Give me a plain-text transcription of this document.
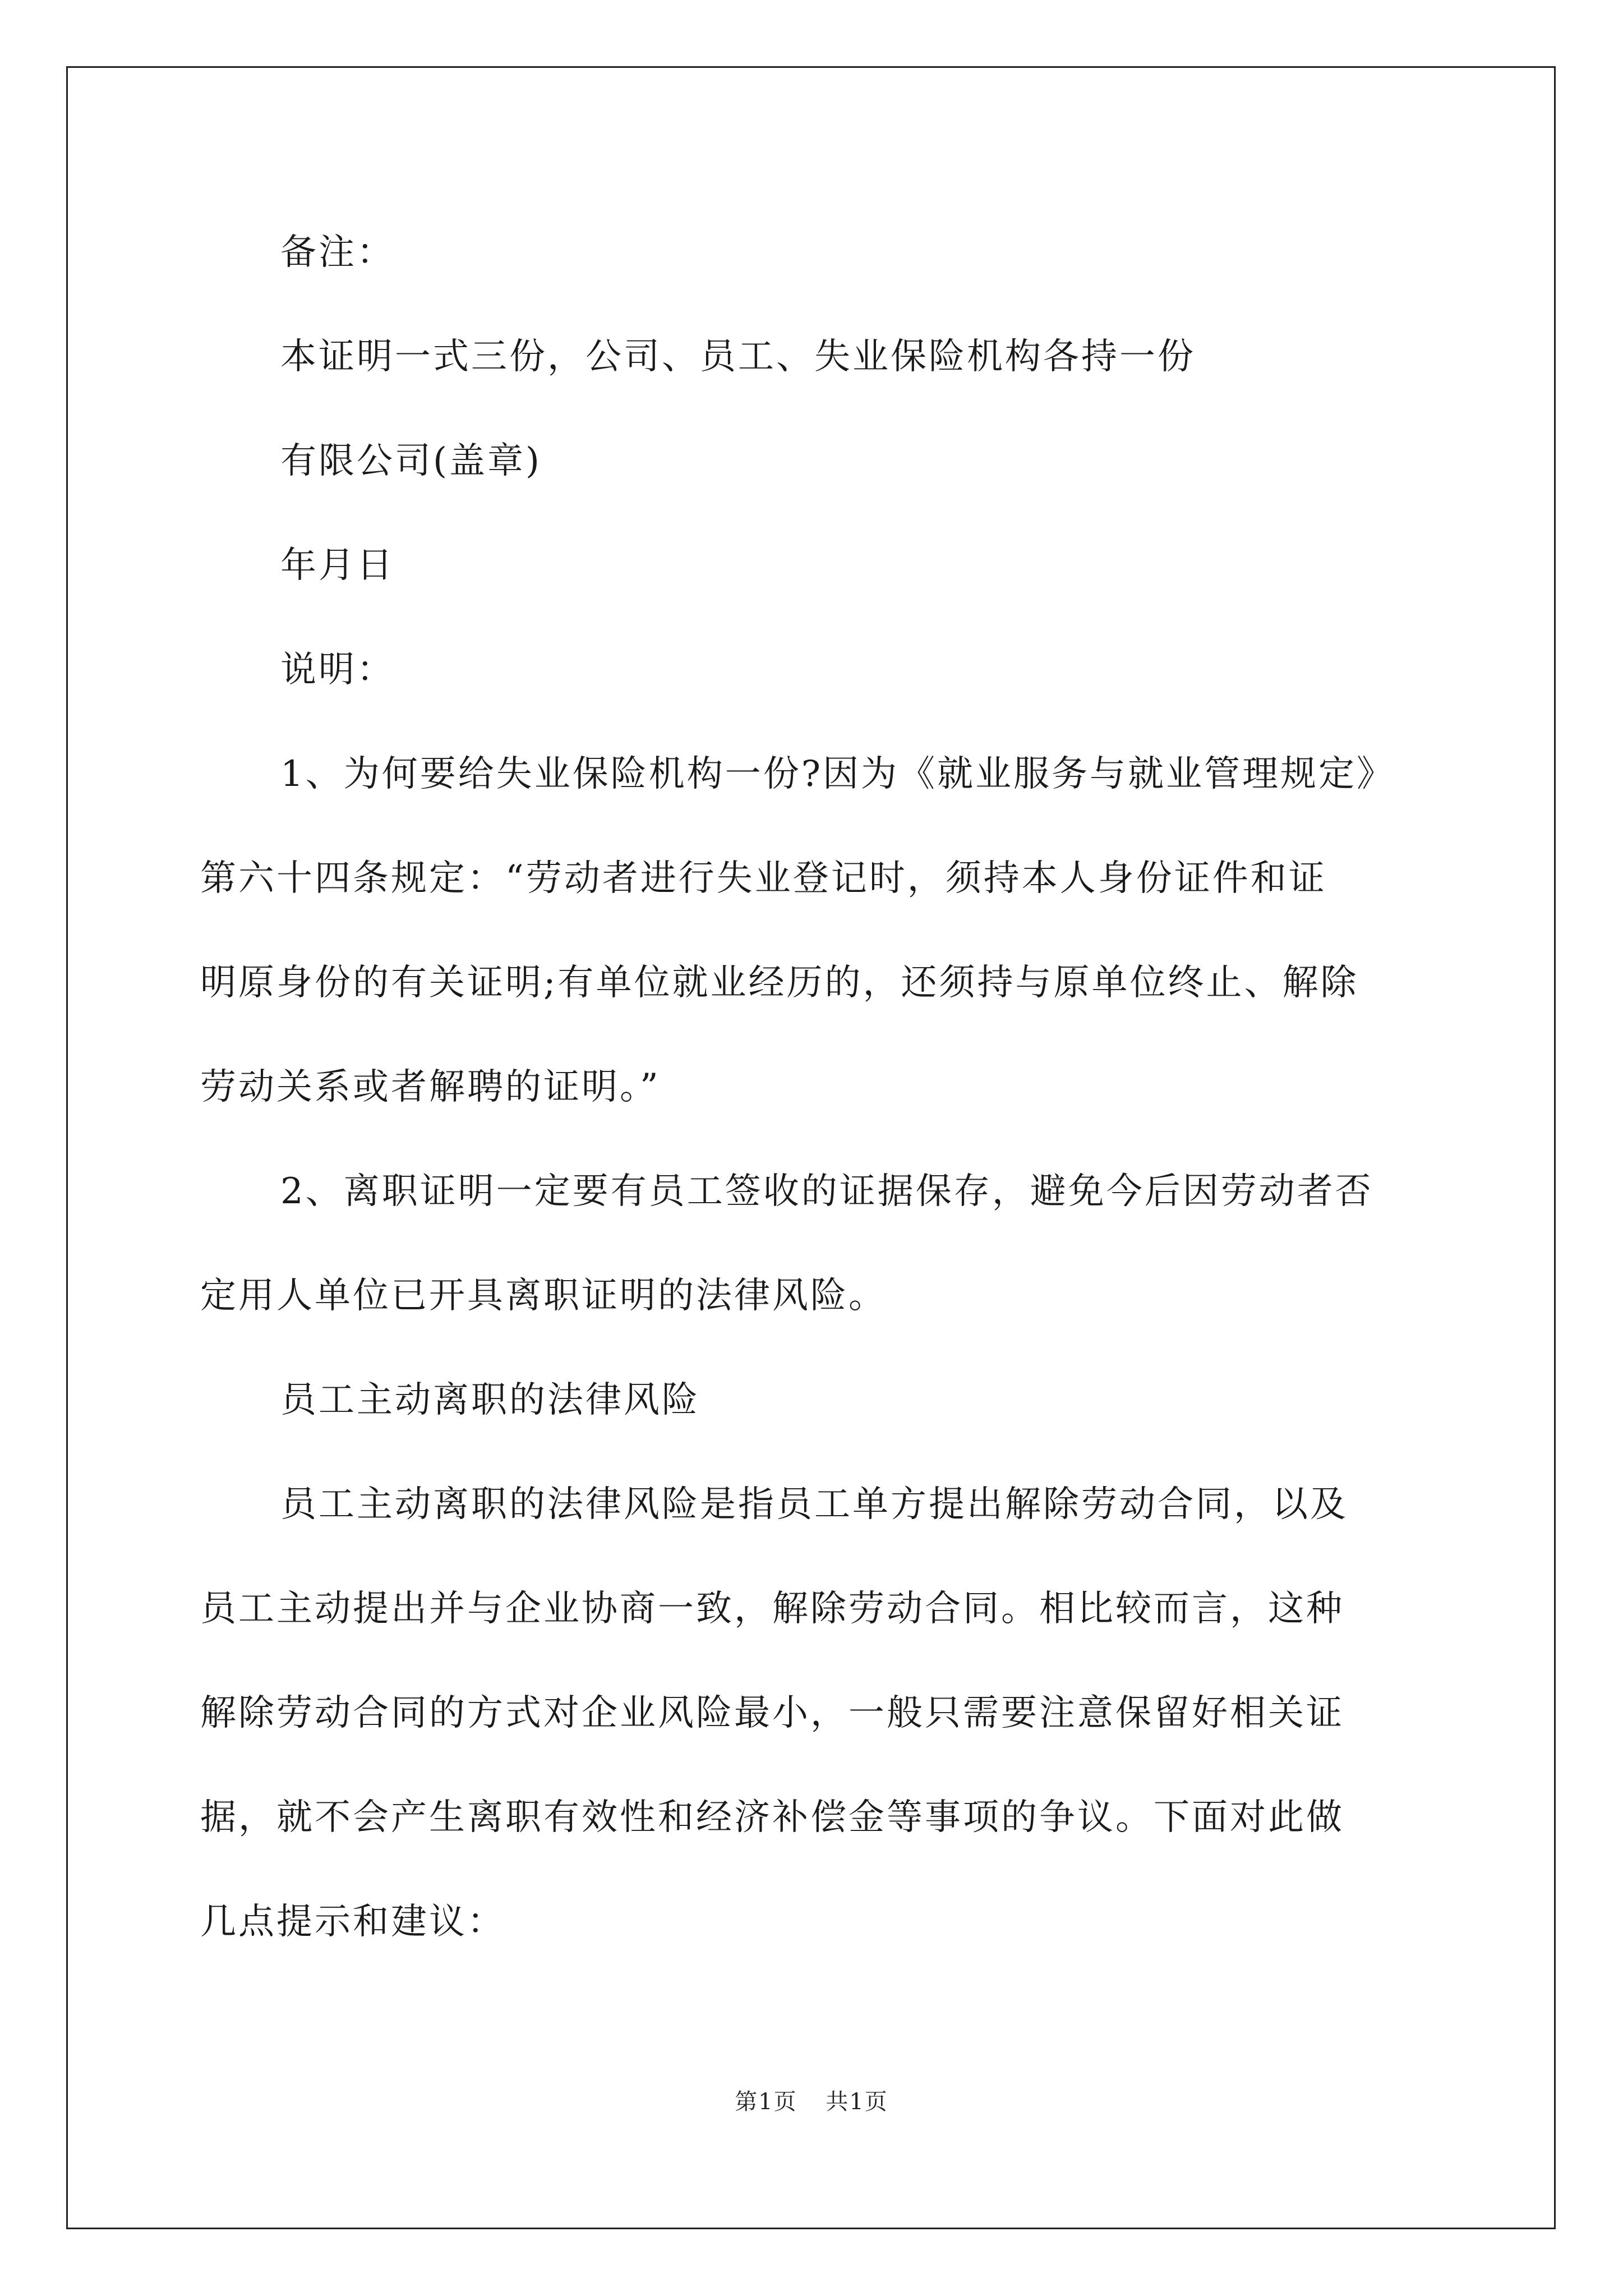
备注：
本证明一式三份，公司、员工、失业保险机构各持一份
有限公司(盖章)
年月日
说明：
1、为何要给失业保险机构一份?因为《就业服务与就业管理规定》
第六十四条规定：“劳动者进行失业登记时，须持本人身份证件和证
明原身份的有关证明;有单位就业经历的，还须持与原单位终止、解除
劳动关系或者解聘的证明。”
2、离职证明一定要有员工签收的证据保存，避免今后因劳动者否
定用人单位已开具离职证明的法律风险。
员工主动离职的法律风险
员工主动离职的法律风险是指员工单方提出解除劳动合同，以及
员工主动提出并与企业协商一致，解除劳动合同。相比较而言，这种
解除劳动合同的方式对企业风险最小，一般只需要注意保留好相关证
据，就不会产生离职有效性和经济补偿金等事项的争议。下面对此做
几点提示和建议：
第1页 共1页
